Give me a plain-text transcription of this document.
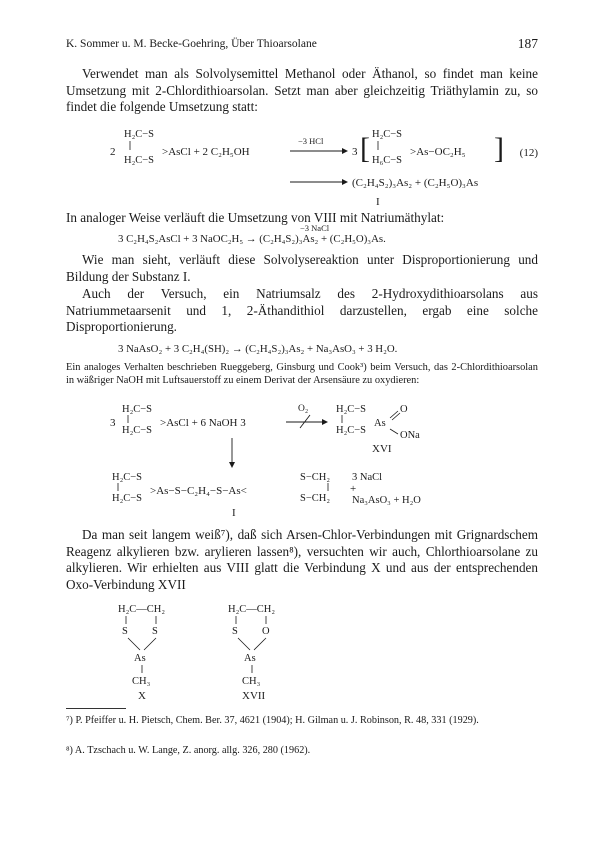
K. Sommer u. M. Becke-Goehring, Über Thioarsolane	187
Verwendet man als Solvolysemittel Methanol oder Äthanol, so findet man keine Umsetzung mit 2-Chlordithioarsolan. Setzt man aber gleichzeitig Triäthylamin zu, so findet die folgende Umsetzung statt:
2
H₂C−S
H₂C−S
>AsCl + 2 C₂H₅OH
−3 HCl
3 [ H₂C−S
H₆C−S
>As−OC₂H₅ ]
(C₂H₄S₂)₃As₂ + (C₂H₅O)₃As
I
(12)
In analoger Weise verläuft die Umsetzung von VIII mit Natriumäthylat:
3 C₂H₄S₂AsCl + 3 NaOC₂H₅ → (C₂H₄S₂)₃As₂ + (C₂H₅O)₃As.
−3 NaCl
Wie man sieht, verläuft diese Solvolysereaktion unter Disproportionierung und Bildung der Substanz I.
Auch der Versuch, ein Natriumsalz des 2-Hydroxydithioarsolans aus Natriummetaarsenit und 1, 2-Äthandithiol darzustellen, ergab eine solche Disproportionierung.
3 NaAsO₂ + 3 C₂H₄(SH)₂ → (C₂H₄S₂)₃As₂ + Na₃AsO₃ + 3 H₂O.
Ein analoges Verhalten beschrieben Rueggeberg, Ginsburg und Cook³) beim Versuch, das 2-Chlordithioarsolan in wäßriger NaOH mit Luftsauerstoff zu einem Derivat der Arsensäure zu oxydieren:
3
H₂C−S
H₂C−S
>AsCl + 6 NaOH 3
O₂	H₂C−S
H₂C−S
As
O
ONa
XVI
H₂C−S
H₂C−S
>As−S−C₂H₄−S−As<
S−CH₂
S−CH₂
3 NaCl
+
Na₃AsO₃ + H₂O
I
Da man seit langem weiß⁷), daß sich Arsen-Chlor-Verbindungen mit Grignardschem Reagenz alkylieren bzw. arylieren lassen⁸), versuchten wir auch, Chlorthioarsolane zu alkylieren. Wir erhielten aus VIII glatt die Verbindung X und aus der entsprechenden Oxo-Verbindung XVII
H₂C—CH₂
S S
As
CH₃
X
H₂C—CH₂
S O
As
CH₃
XVII
⁷) P. Pfeiffer u. H. Pietsch, Chem. Ber. 37, 4621 (1904); H. Gilman u. J. Robinson, R. 48, 331 (1929).
⁸) A. Tzschach u. W. Lange, Z. anorg. allg. 326, 280 (1962).
